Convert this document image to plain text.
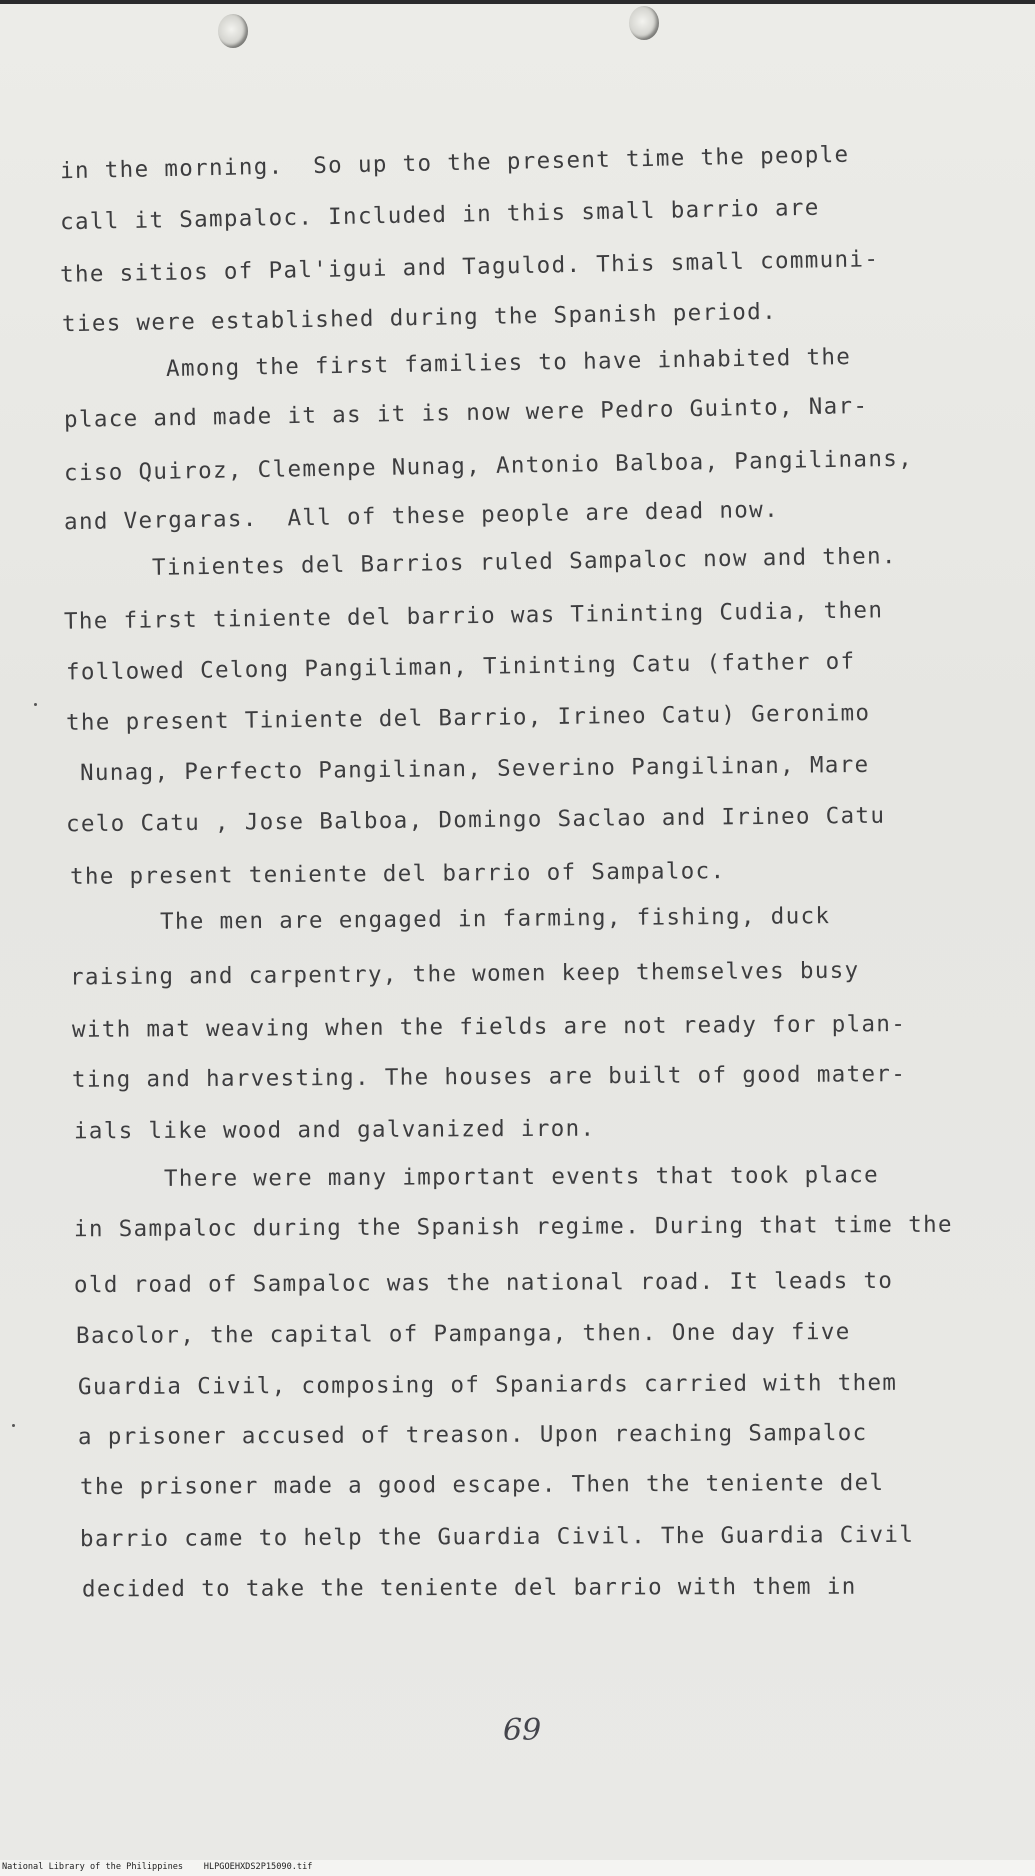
in the morning.  So up to the present time the people

call it Sampaloc. Included in this small barrio are

the sitios of Pal'igui and Tagulod. This small communi-

ties were established during the Spanish period.

Among the first families to have inhabited the

place and made it as it is now were Pedro Guinto, Nar-

ciso Quiroz, Clemenpe Nunag, Antonio Balboa, Pangilinans,

and Vergaras.  All of these people are dead now.

Tinientes del Barrios ruled Sampaloc now and then.

The first tiniente del barrio was Tininting Cudia, then

followed Celong Pangiliman, Tininting Catu (father of

the present Tiniente del Barrio, Irineo Catu) Geronimo

Nunag, Perfecto Pangilinan, Severino Pangilinan, Mare

celo Catu , Jose Balboa, Domingo Saclao and Irineo Catu

the present teniente del barrio of Sampaloc.

The men are engaged in farming, fishing, duck

raising and carpentry, the women keep themselves busy

with mat weaving when the fields are not ready for plan-

ting and harvesting. The houses are built of good mater-

ials like wood and galvanized iron.

There were many important events that took place

in Sampaloc during the Spanish regime. During that time the

old road of Sampaloc was the national road. It leads to

Bacolor, the capital of Pampanga, then. One day five

Guardia Civil, composing of Spaniards carried with them

a prisoner accused of treason. Upon reaching Sampaloc

the prisoner made a good escape. Then the teniente del

barrio came to help the Guardia Civil. The Guardia Civil

decided to take the teniente del barrio with them in

69
National Library of the Philippines    HLPGOEHXDS2P15090.tif
